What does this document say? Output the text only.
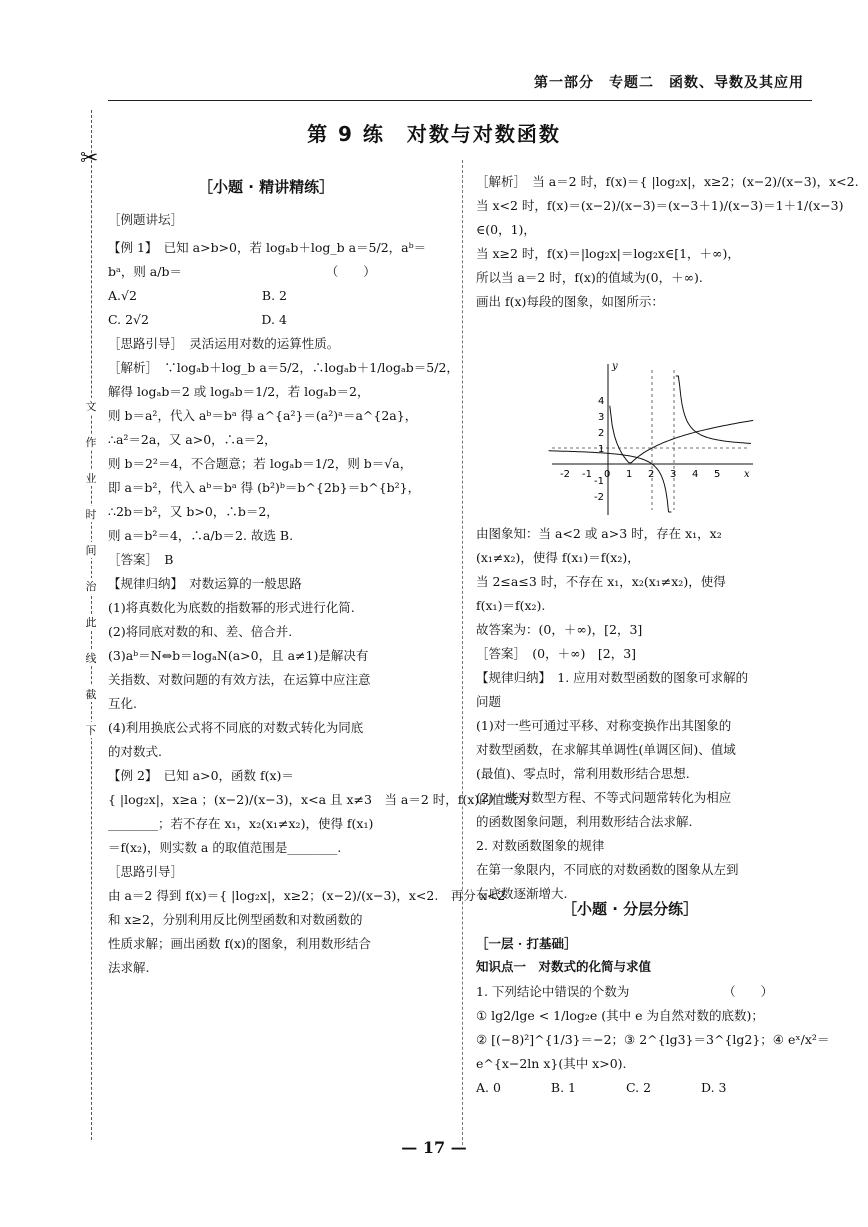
第一部分　专题二　函数、导数及其应用
第 9 练　对数与对数函数
✂
文
作
业
时
间
治
此
线
截
下
［小题 · 精讲精练］
［例题讲坛］

【例 1】　已知 a>b>0，若 logₐb＋log_b a＝5/2，aᵇ＝

bᵃ，则 a/b＝　　　　　　　　　　　　（　　）

A.√2　　　　　　　　　　B. 2

C. 2√2　　　　　　　　　D. 4

［思路引导］　灵活运用对数的运算性质。

［解析］　∵logₐb＋log_b a＝5/2，∴logₐb＋1/logₐb＝5/2，

解得 logₐb＝2 或 logₐb＝1/2，若 logₐb＝2，

则 b＝a²，代入 aᵇ＝bᵃ 得 a^{a²}＝(a²)ᵃ＝a^{2a}，

∴a²＝2a，又 a>0，∴a＝2，

则 b＝2²＝4，不合题意；若 logₐb＝1/2，则 b＝√a，

即 a＝b²，代入 aᵇ＝bᵃ 得 (b²)ᵇ＝b^{2b}＝b^{b²}，

∴2b＝b²，又 b>0，∴b＝2，

则 a＝b²＝4，∴a/b＝2. 故选 B.

［答案］　B

【规律归纳】　对数运算的一般思路

(1)将真数化为底数的指数幂的形式进行化简.

(2)将同底对数的和、差、倍合并.

(3)aᵇ＝N⇔b＝logₐN(a>0，且 a≠1)是解决有

关指数、对数问题的有效方法，在运算中应注意

互化.

(4)利用换底公式将不同底的对数式转化为同底

的对数式.

【例 2】　已知 a>0，函数 f(x)＝

{ |log₂x|，x≥a ；(x−2)/(x−3)，x<a 且 x≠3　当 a＝2 时，f(x)的值域为

________；若不存在 x₁，x₂(x₁≠x₂)，使得 f(x₁)

＝f(x₂)，则实数 a 的取值范围是________.

［思路引导］

由 a＝2 得到 f(x)＝{ |log₂x|，x≥2；(x−2)/(x−3)，x<2.　再分 x<2

和 x≥2，分别利用反比例型函数和对数函数的

性质求解；画出函数 f(x)的图象，利用数形结合

法求解.

［解析］　当 a＝2 时，f(x)＝{ |log₂x|，x≥2；(x−2)/(x−3)，x<2.

当 x<2 时，f(x)＝(x−2)/(x−3)＝(x−3＋1)/(x−3)＝1＋1/(x−3)

∈(0，1)，

当 x≥2 时，f(x)＝|log₂x|＝log₂x∈[1，＋∞)，

所以当 a＝2 时，f(x)的值域为(0，＋∞).

画出 f(x)每段的图象，如图所示：

-2 -1 0 1 2 3 4 5 x
4
3
2
1
-1
-2
y

由图象知：当 a<2 或 a>3 时，存在 x₁，x₂

(x₁≠x₂)，使得 f(x₁)＝f(x₂)，

当 2≤a≤3 时，不存在 x₁，x₂(x₁≠x₂)，使得

f(x₁)＝f(x₂).

故答案为：(0，＋∞)，[2，3]

［答案］　(0，＋∞)　[2，3]

【规律归纳】　1. 应用对数型函数的图象可求解的

问题

(1)对一些可通过平移、对称变换作出其图象的

对数型函数，在求解其单调性(单调区间)、值域

(最值)、零点时，常利用数形结合思想.

(2)一些对数型方程、不等式问题常转化为相应

的函数图象问题，利用数形结合法求解.

2. 对数函数图象的规律

在第一象限内，不同底的对数函数的图象从左到

右底数逐渐增大.

［小题 · 分层分练］
［一层 · 打基础］
知识点一　对数式的化简与求值

1. 下列结论中错误的个数为　　　　　　　　（　　）

① lg2/lge < 1/log₂e (其中 e 为自然对数的底数)；

② [(−8)²]^{1/3}＝−2；③ 2^{lg3}＝3^{lg2}；④ eˣ/x²＝

e^{x−2ln x}(其中 x>0).

A. 0　　　　B. 1　　　　C. 2　　　　D. 3

— 17 —
